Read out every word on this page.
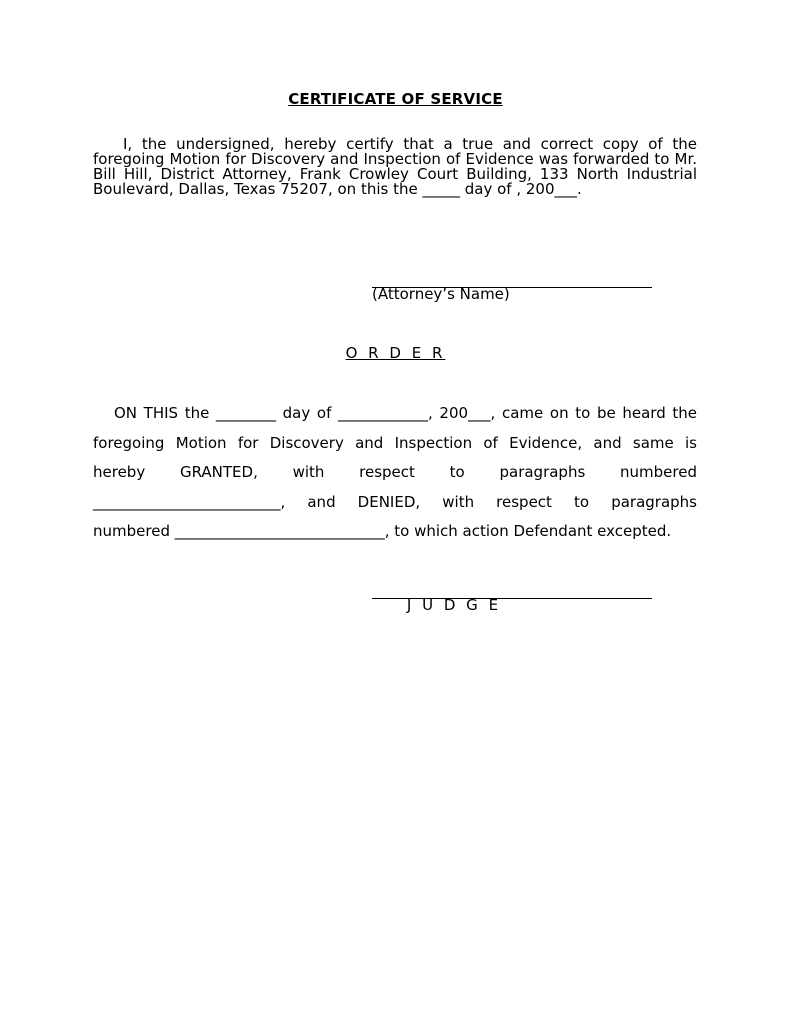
CERTIFICATE OF SERVICE
I, the undersigned, hereby certify that a true and correct copy of the foregoing Motion for Discovery and Inspection of Evidence was forwarded to Mr. Bill Hill, District Attorney, Frank Crowley Court Building, 133 North Industrial Boulevard, Dallas, Texas 75207, on this the _____ day of , 200___.
(Attorney’s Name)
O R D E R

ON THIS the ________ day of ____________, 200___, came on to be heard the

foregoing Motion for Discovery and Inspection of Evidence, and same is

hereby GRANTED, with respect to paragraphs numbered

_________________________, and DENIED, with respect to paragraphs

numbered ____________________________, to which action Defendant excepted.

J U D G E
